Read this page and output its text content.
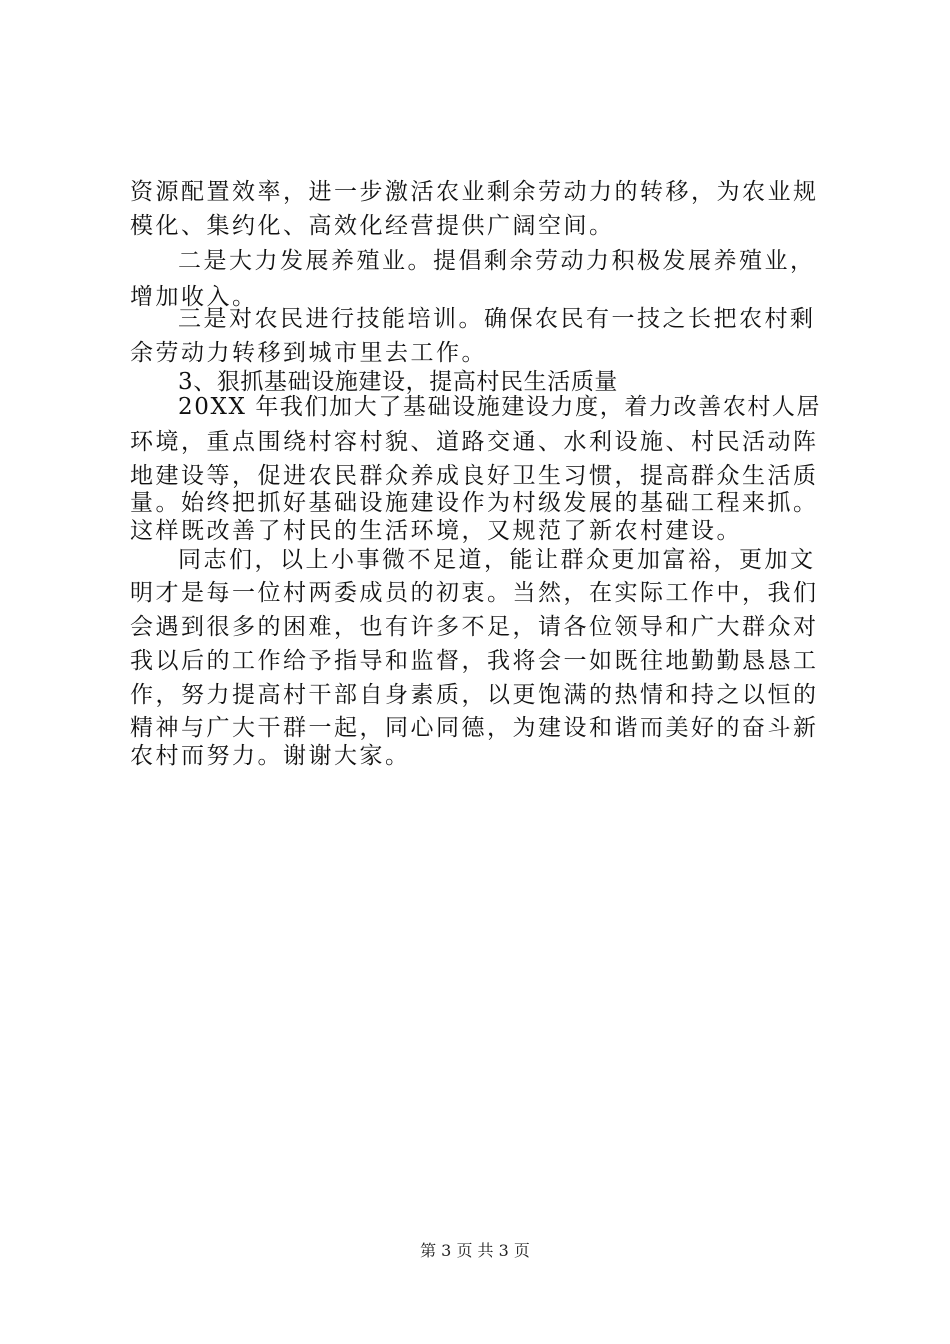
资源配置效率，进一步激活农业剩余劳动力的转移，为农业规
模化、集约化、高效化经营提供广阔空间。
二是大力发展养殖业。提倡剩余劳动力积极发展养殖业，
增加收入。
三是对农民进行技能培训。确保农民有一技之长把农村剩
余劳动力转移到城市里去工作。
3、狠抓基础设施建设，提高村民生活质量
20XX 年我们加大了基础设施建设力度，着力改善农村人居
环境，重点围绕村容村貌、道路交通、水利设施、村民活动阵
地建设等，促进农民群众养成良好卫生习惯，提高群众生活质
量。始终把抓好基础设施建设作为村级发展的基础工程来抓。
这样既改善了村民的生活环境，又规范了新农村建设。
同志们，以上小事微不足道，能让群众更加富裕，更加文
明才是每一位村两委成员的初衷。当然，在实际工作中，我们
会遇到很多的困难，也有许多不足，请各位领导和广大群众对
我以后的工作给予指导和监督，我将会一如既往地勤勤恳恳工
作，努力提高村干部自身素质，以更饱满的热情和持之以恒的
精神与广大干群一起，同心同德，为建设和谐而美好的奋斗新
农村而努力。谢谢大家。
第 3 页 共 3 页
